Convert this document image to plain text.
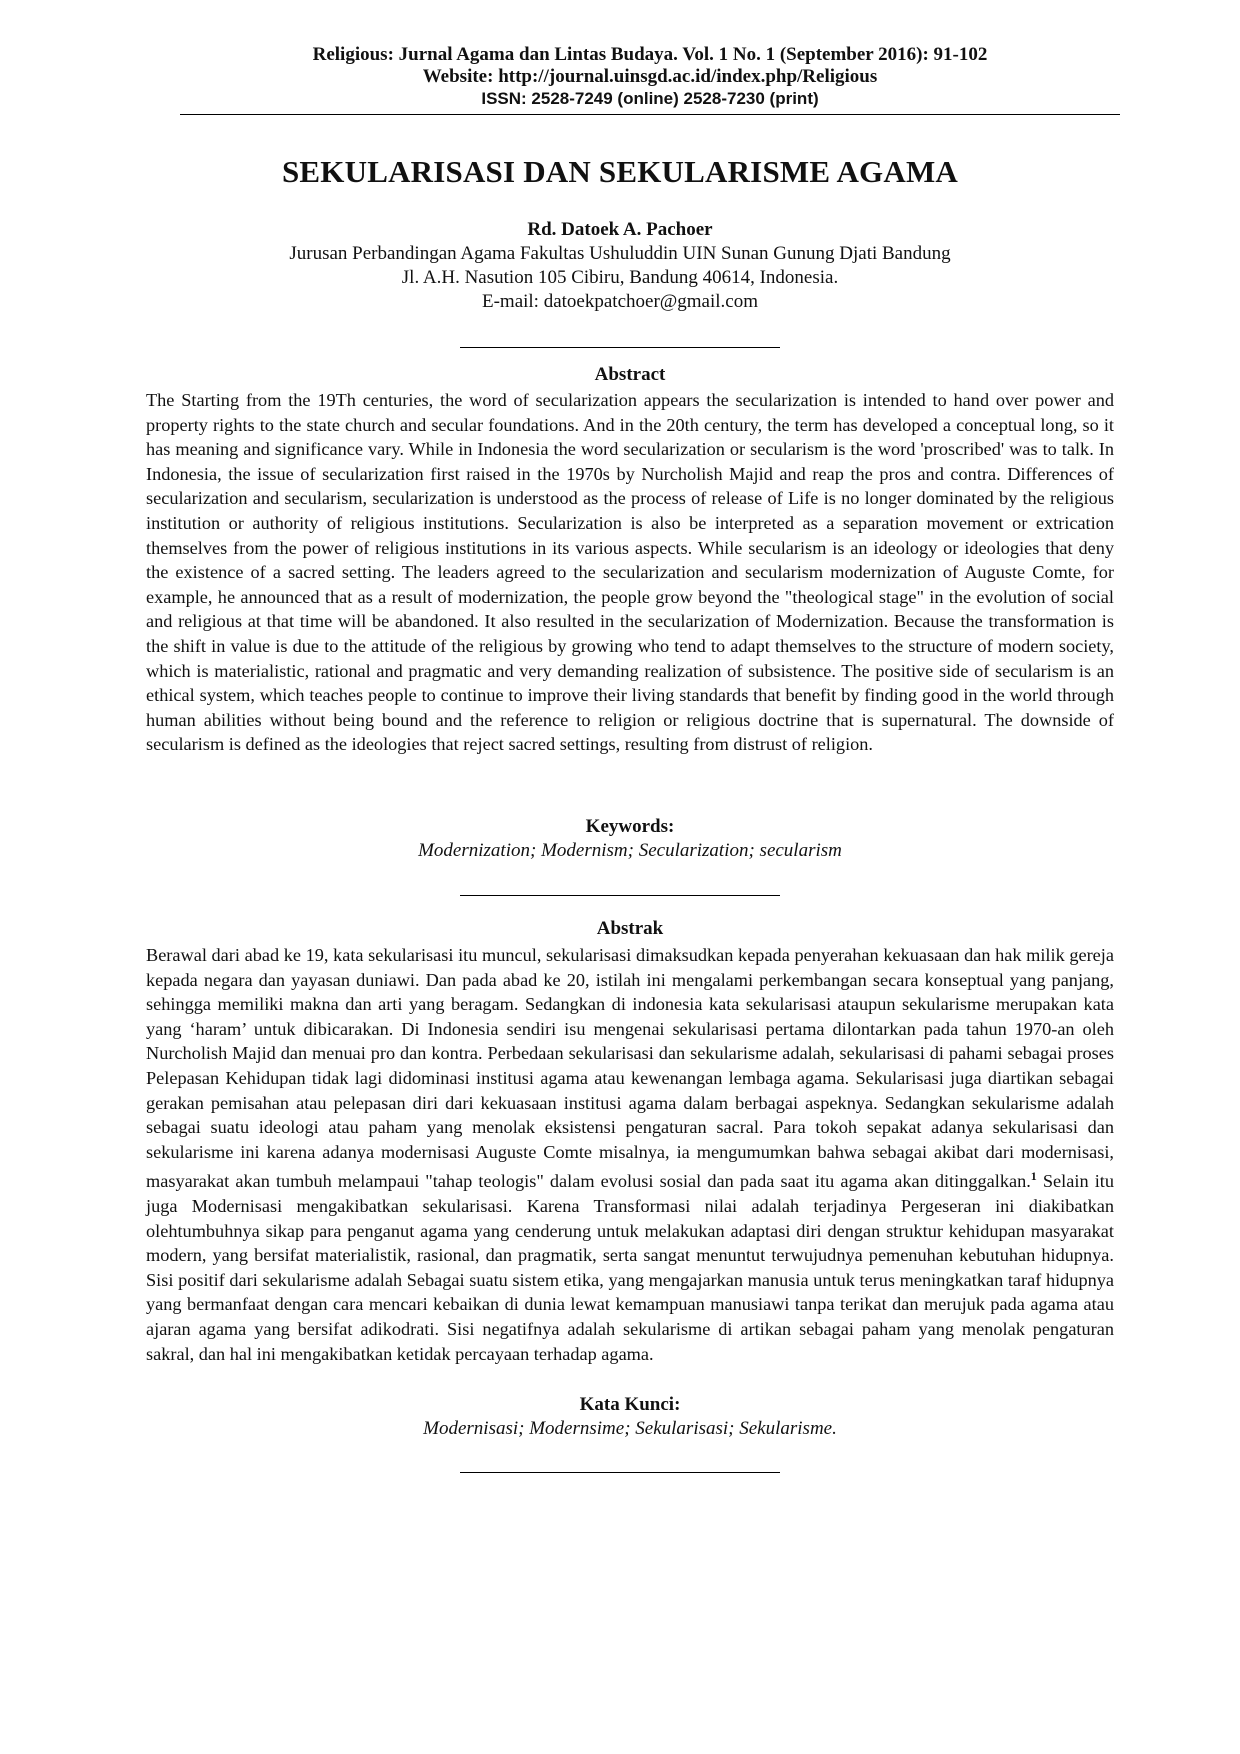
Religious: Jurnal Agama dan Lintas Budaya. Vol. 1 No. 1 (September 2016): 91-102
Website: http://journal.uinsgd.ac.id/index.php/Religious
ISSN: 2528-7249 (online) 2528-7230 (print)
SEKULARISASI DAN SEKULARISME AGAMA
Rd. Datoek A. Pachoer
Jurusan Perbandingan Agama Fakultas Ushuluddin UIN Sunan Gunung Djati Bandung
Jl. A.H. Nasution 105 Cibiru, Bandung 40614, Indonesia.
E-mail: datoekpatchoer@gmail.com
Abstract
The Starting from the 19Th centuries, the word of secularization appears the secularization is intended to hand over power and property rights to the state church and secular foundations. And in the 20th century, the term has developed a conceptual long, so it has meaning and significance vary. While in Indonesia the word secularization or secularism is the word 'proscribed' was to talk. In Indonesia, the issue of secularization first raised in the 1970s by Nurcholish Majid and reap the pros and contra. Differences of secularization and secularism, secularization is understood as the process of release of Life is no longer dominated by the religious institution or authority of religious institutions. Secularization is also be interpreted as a separation movement or extrication themselves from the power of religious institutions in its various aspects. While secularism is an ideology or ideologies that deny the existence of a sacred setting. The leaders agreed to the secularization and secularism modernization of Auguste Comte, for example, he announced that as a result of modernization, the people grow beyond the "theological stage" in the evolution of social and religious at that time will be abandoned. It also resulted in the secularization of Modernization. Because the transformation is the shift in value is due to the attitude of the religious by growing who tend to adapt themselves to the structure of modern society, which is materialistic, rational and pragmatic and very demanding realization of subsistence. The positive side of secularism is an ethical system, which teaches people to continue to improve their living standards that benefit by finding good in the world through human abilities without being bound and the reference to religion or religious doctrine that is supernatural. The downside of secularism is defined as the ideologies that reject sacred settings, resulting from distrust of religion.
Keywords:
Modernization; Modernism; Secularization; secularism
Abstrak
Berawal dari abad ke 19, kata sekularisasi itu muncul, sekularisasi dimaksudkan kepada penyerahan kekuasaan dan hak milik gereja kepada negara dan yayasan duniawi. Dan pada abad ke 20, istilah ini mengalami perkembangan secara konseptual yang panjang, sehingga memiliki makna dan arti yang beragam. Sedangkan di indonesia kata sekularisasi ataupun sekularisme merupakan kata yang ‘haram’ untuk dibicarakan. Di Indonesia sendiri isu mengenai sekularisasi pertama dilontarkan pada tahun 1970-an oleh Nurcholish Majid dan menuai pro dan kontra. Perbedaan sekularisasi dan sekularisme adalah, sekularisasi di pahami sebagai proses Pelepasan Kehidupan tidak lagi didominasi institusi agama atau kewenangan lembaga agama. Sekularisasi juga diartikan sebagai gerakan pemisahan atau pelepasan diri dari kekuasaan institusi agama dalam berbagai aspeknya. Sedangkan sekularisme adalah sebagai suatu ideologi atau paham yang menolak eksistensi pengaturan sacral. Para tokoh sepakat adanya sekularisasi dan sekularisme ini karena adanya modernisasi Auguste Comte misalnya, ia mengumumkan bahwa sebagai akibat dari modernisasi, masyarakat akan tumbuh melampaui "tahap teologis" dalam evolusi sosial dan pada saat itu agama akan ditinggalkan.$^1$ Selain itu juga Modernisasi mengakibatkan sekularisasi. Karena Transformasi nilai adalah terjadinya Pergeseran ini diakibatkan olehtumbuhnya sikap para penganut agama yang cenderung untuk melakukan adaptasi diri dengan struktur kehidupan masyarakat modern, yang bersifat materialistik, rasional, dan pragmatik, serta sangat menuntut terwujudnya pemenuhan kebutuhan hidupnya. Sisi positif dari sekularisme adalah Sebagai suatu sistem etika, yang mengajarkan manusia untuk terus meningkatkan taraf hidupnya yang bermanfaat dengan cara mencari kebaikan di dunia lewat kemampuan manusiawi tanpa terikat dan merujuk pada agama atau ajaran agama yang bersifat adikodrati. Sisi negatifnya adalah sekularisme di artikan sebagai paham yang menolak pengaturan sakral, dan hal ini mengakibatkan ketidak percayaan terhadap agama.
Kata Kunci:
Modernisasi; Modernsime; Sekularisasi; Sekularisme.
